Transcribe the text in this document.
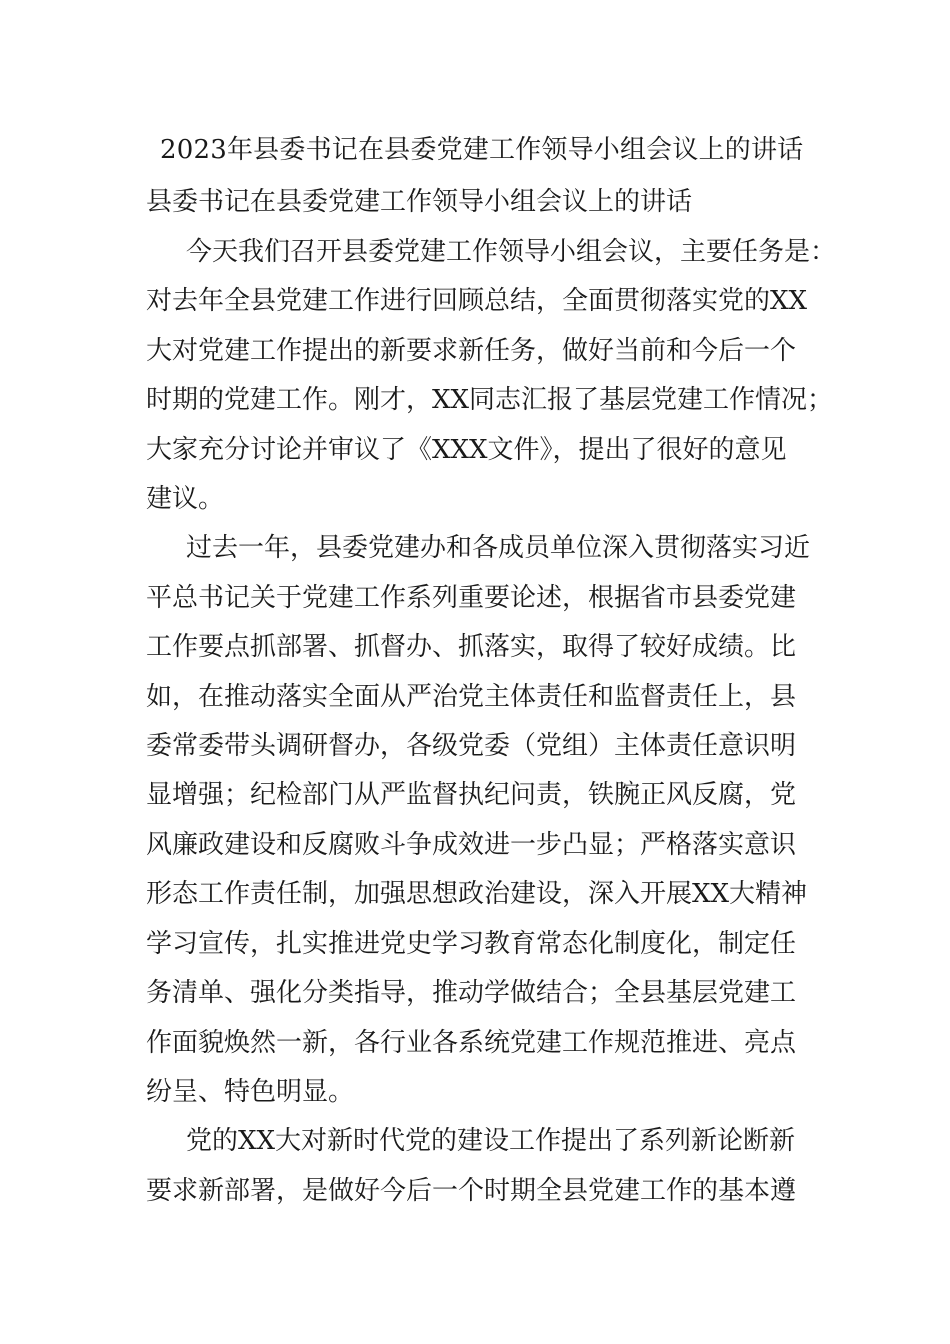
2023年县委书记在县委党建工作领导小组会议上的讲话
县委书记在县委党建工作领导小组会议上的讲话

今天我们召开县委党建工作领导小组会议，主要任务是：
对去年全县党建工作进行回顾总结，全面贯彻落实党的XX
大对党建工作提出的新要求新任务，做好当前和今后一个
时期的党建工作。刚才，XX同志汇报了基层党建工作情况；
大家充分讨论并审议了《XXX文件》，提出了很好的意见
建议。

过去一年，县委党建办和各成员单位深入贯彻落实习近
平总书记关于党建工作系列重要论述，根据省市县委党建
工作要点抓部署、抓督办、抓落实，取得了较好成绩。比
如，在推动落实全面从严治党主体责任和监督责任上，县
委常委带头调研督办，各级党委（党组）主体责任意识明
显增强；纪检部门从严监督执纪问责，铁腕正风反腐，党
风廉政建设和反腐败斗争成效进一步凸显；严格落实意识
形态工作责任制，加强思想政治建设，深入开展XX大精神
学习宣传，扎实推进党史学习教育常态化制度化，制定任
务清单、强化分类指导，推动学做结合；全县基层党建工
作面貌焕然一新，各行业各系统党建工作规范推进、亮点
纷呈、特色明显。

党的XX大对新时代党的建设工作提出了系列新论断新
要求新部署，是做好今后一个时期全县党建工作的基本遵
